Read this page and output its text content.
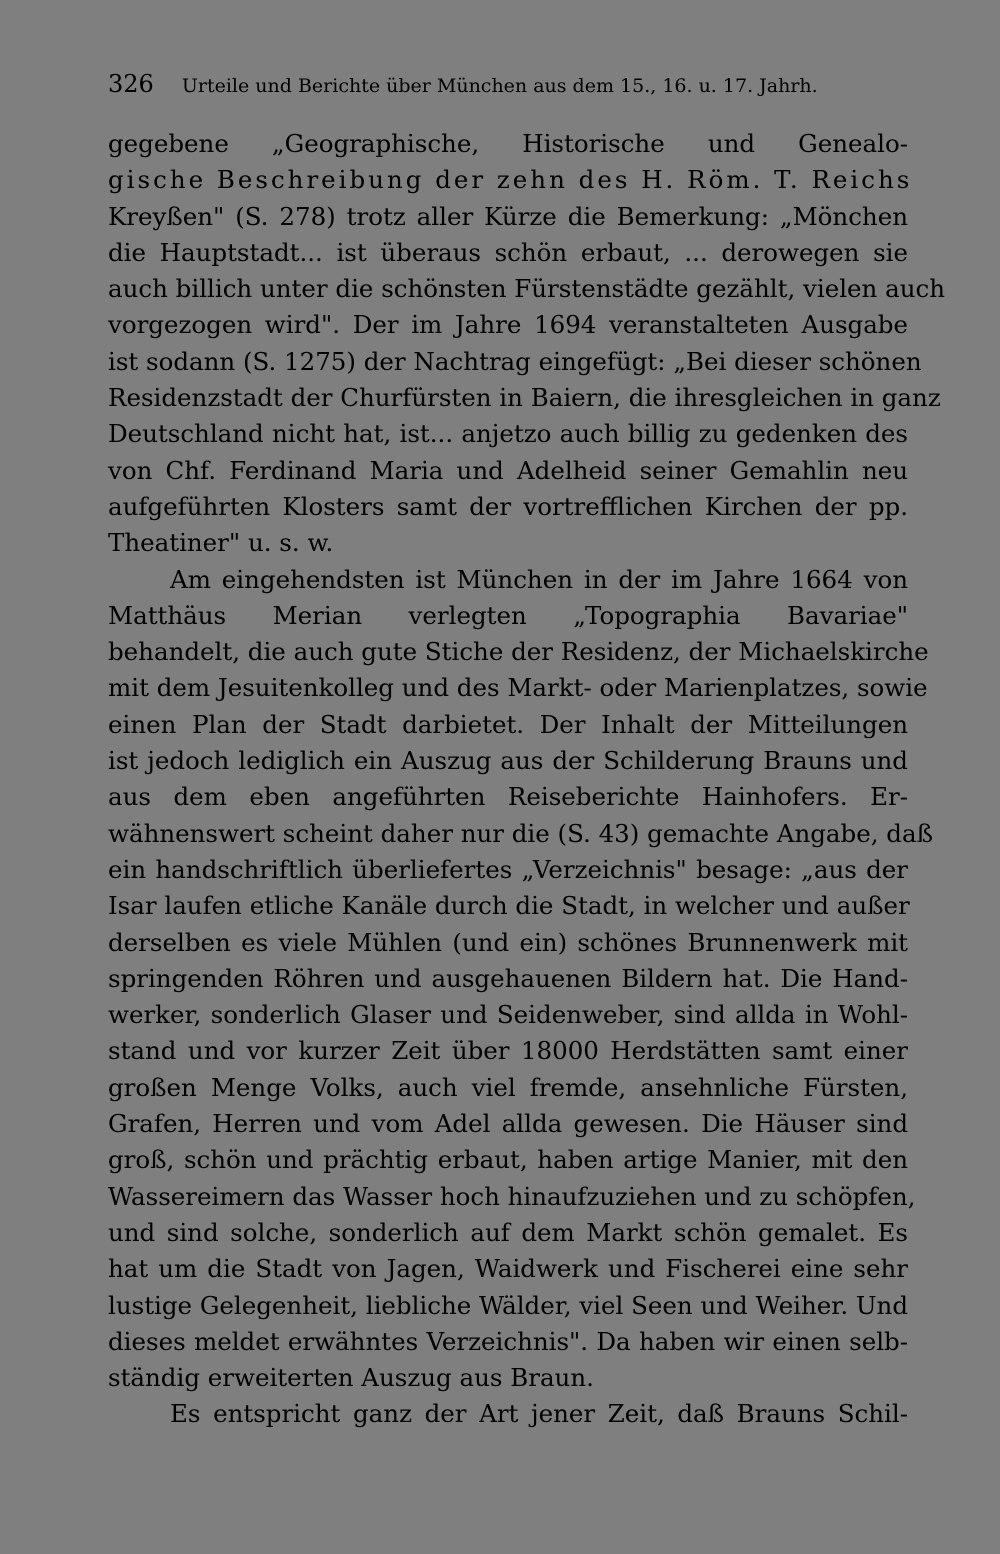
326 Urteile und Berichte über München aus dem 15., 16. u. 17. Jahrh.
gegebene „Geographische, Historische und Genealo-
gische Beschreibung der zehn des H. Röm. T. Reichs
Kreyßen" (S. 278) trotz aller Kürze die Bemerkung: „Mönchen
die Hauptstadt... ist überaus schön erbaut, ... derowegen sie
auch billich unter die schönsten Fürstenstädte gezählt, vielen auch
vorgezogen wird". Der im Jahre 1694 veranstalteten Ausgabe
ist sodann (S. 1275) der Nachtrag eingefügt: „Bei dieser schönen
Residenzstadt der Churfürsten in Baiern, die ihresgleichen in ganz
Deutschland nicht hat, ist... anjetzo auch billig zu gedenken des
von Chf. Ferdinand Maria und Adelheid seiner Gemahlin neu
aufgeführten Klosters samt der vortrefflichen Kirchen der pp.
Theatiner" u. s. w.
Am eingehendsten ist München in der im Jahre 1664 von
Matthäus Merian verlegten „Topographia Bavariae"
behandelt, die auch gute Stiche der Residenz, der Michaelskirche
mit dem Jesuitenkolleg und des Markt- oder Marienplatzes, sowie
einen Plan der Stadt darbietet. Der Inhalt der Mitteilungen
ist jedoch lediglich ein Auszug aus der Schilderung Brauns und
aus dem eben angeführten Reiseberichte Hainhofers. Er-
wähnenswert scheint daher nur die (S. 43) gemachte Angabe, daß
ein handschriftlich überliefertes „Verzeichnis" besage: „aus der
Isar laufen etliche Kanäle durch die Stadt, in welcher und außer
derselben es viele Mühlen (und ein) schönes Brunnenwerk mit
springenden Röhren und ausgehauenen Bildern hat. Die Hand-
werker, sonderlich Glaser und Seidenweber, sind allda in Wohl-
stand und vor kurzer Zeit über 18000 Herdstätten samt einer
großen Menge Volks, auch viel fremde, ansehnliche Fürsten,
Grafen, Herren und vom Adel allda gewesen. Die Häuser sind
groß, schön und prächtig erbaut, haben artige Manier, mit den
Wassereimern das Wasser hoch hinaufzuziehen und zu schöpfen,
und sind solche, sonderlich auf dem Markt schön gemalet. Es
hat um die Stadt von Jagen, Waidwerk und Fischerei eine sehr
lustige Gelegenheit, liebliche Wälder, viel Seen und Weiher. Und
dieses meldet erwähntes Verzeichnis". Da haben wir einen selb-
ständig erweiterten Auszug aus Braun.
Es entspricht ganz der Art jener Zeit, daß Brauns Schil-
